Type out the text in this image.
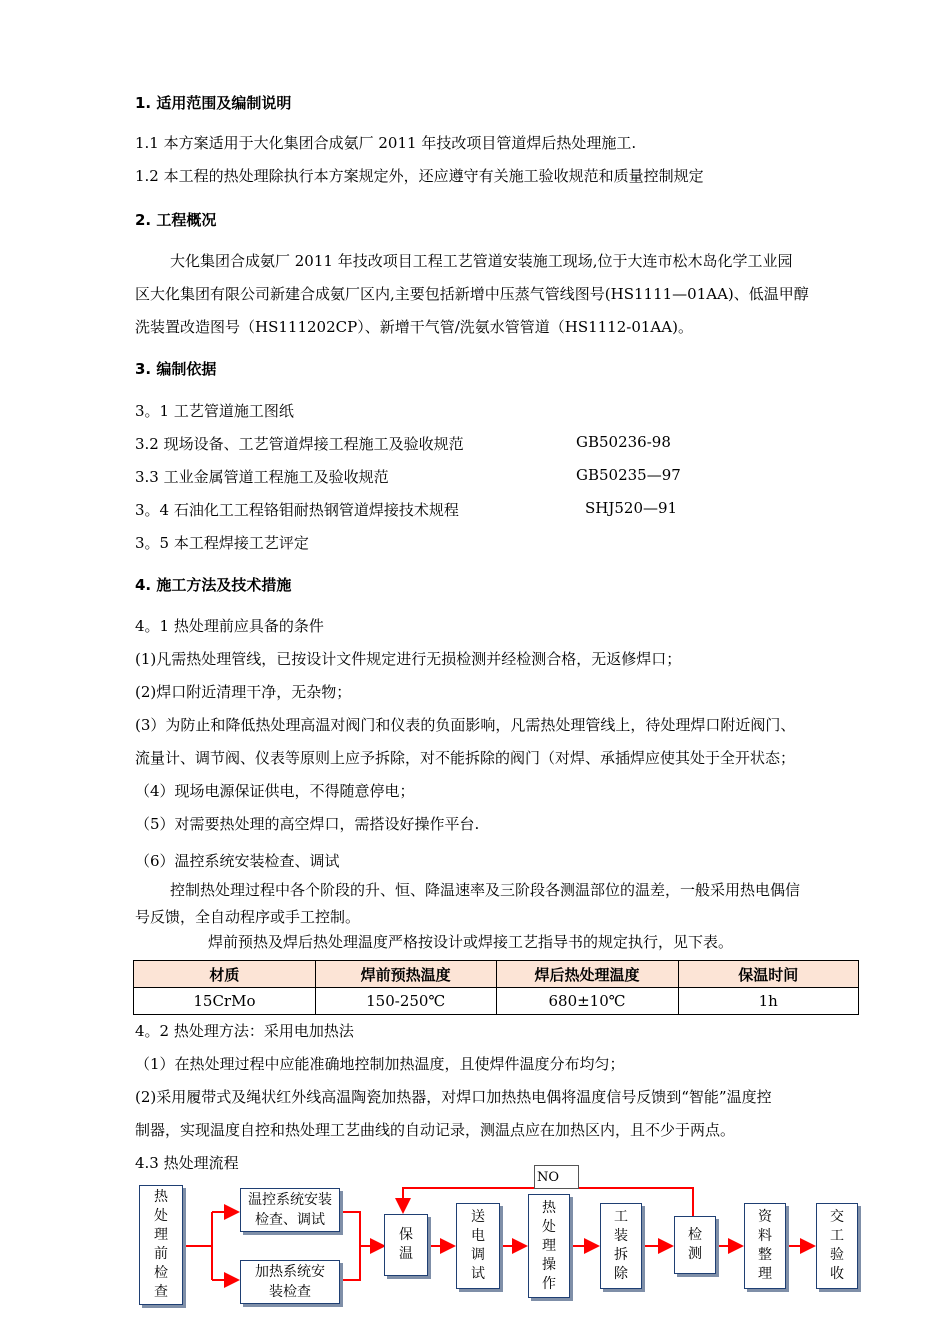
1. 适用范围及编制说明
1.1 本方案适用于大化集团合成氨厂 2011 年技改项目管道焊后热处理施工.
1.2 本工程的热处理除执行本方案规定外，还应遵守有关施工验收规范和质量控制规定
2. 工程概况
大化集团合成氨厂 2011 年技改项目工程工艺管道安装施工现场,位于大连市松木岛化学工业园
区大化集团有限公司新建合成氨厂区内,主要包括新增中压蒸气管线图号(HS1111—01AA)、低温甲醇
洗装置改造图号（HS111202CP）、新增干气管/洗氨水管管道（HS1112-01AA)。
3. 编制依据
3。1 工艺管道施工图纸
3.2 现场设备、工艺管道焊接工程施工及验收规范	GB50236-98
3.3 工业金属管道工程施工及验收规范	GB50235—97
3。4 石油化工工程铬钼耐热钢管道焊接技术规程	SHJ520—91
3。5 本工程焊接工艺评定
4. 施工方法及技术措施
4。1 热处理前应具备的条件
(1)凡需热处理管线，已按设计文件规定进行无损检测并经检测合格，无返修焊口；
(2)焊口附近清理干净，无杂物；
(3）为防止和降低热处理高温对阀门和仪表的负面影响，凡需热处理管线上，待处理焊口附近阀门、
流量计、调节阀、仪表等原则上应予拆除，对不能拆除的阀门（对焊、承插焊应使其处于全开状态；
（4）现场电源保证供电，不得随意停电；
（5）对需要热处理的高空焊口，需搭设好操作平台.
（6）温控系统安装检查、调试
控制热处理过程中各个阶段的升、恒、降温速率及三阶段各测温部位的温差，一般采用热电偶信
号反馈，全自动程序或手工控制。
焊前预热及焊后热处理温度严格按设计或焊接工艺指导书的规定执行，见下表。
材质	焊前预热温度	焊后热处理温度	保温时间
15CrMo	150-250℃	680±10℃	1h
4。2 热处理方法：采用电加热法
（1）在热处理过程中应能准确地控制加热温度，且使焊件温度分布均匀；
(2)采用履带式及绳状红外线高温陶瓷加热器，对焊口加热热电偶将温度信号反馈到“智能”温度控
制器，实现温度自控和热处理工艺曲线的自动记录，测温点应在加热区内，且不少于两点。
4.3 热处理流程
热
处
理
前
检
查
温控系统安装检查、调试
加热系统安装检查
保
温
送
电
调
试
热
处
理
操
作
工
装
拆
除
检
测
资
料
整
理
交
工
验
收
NO
